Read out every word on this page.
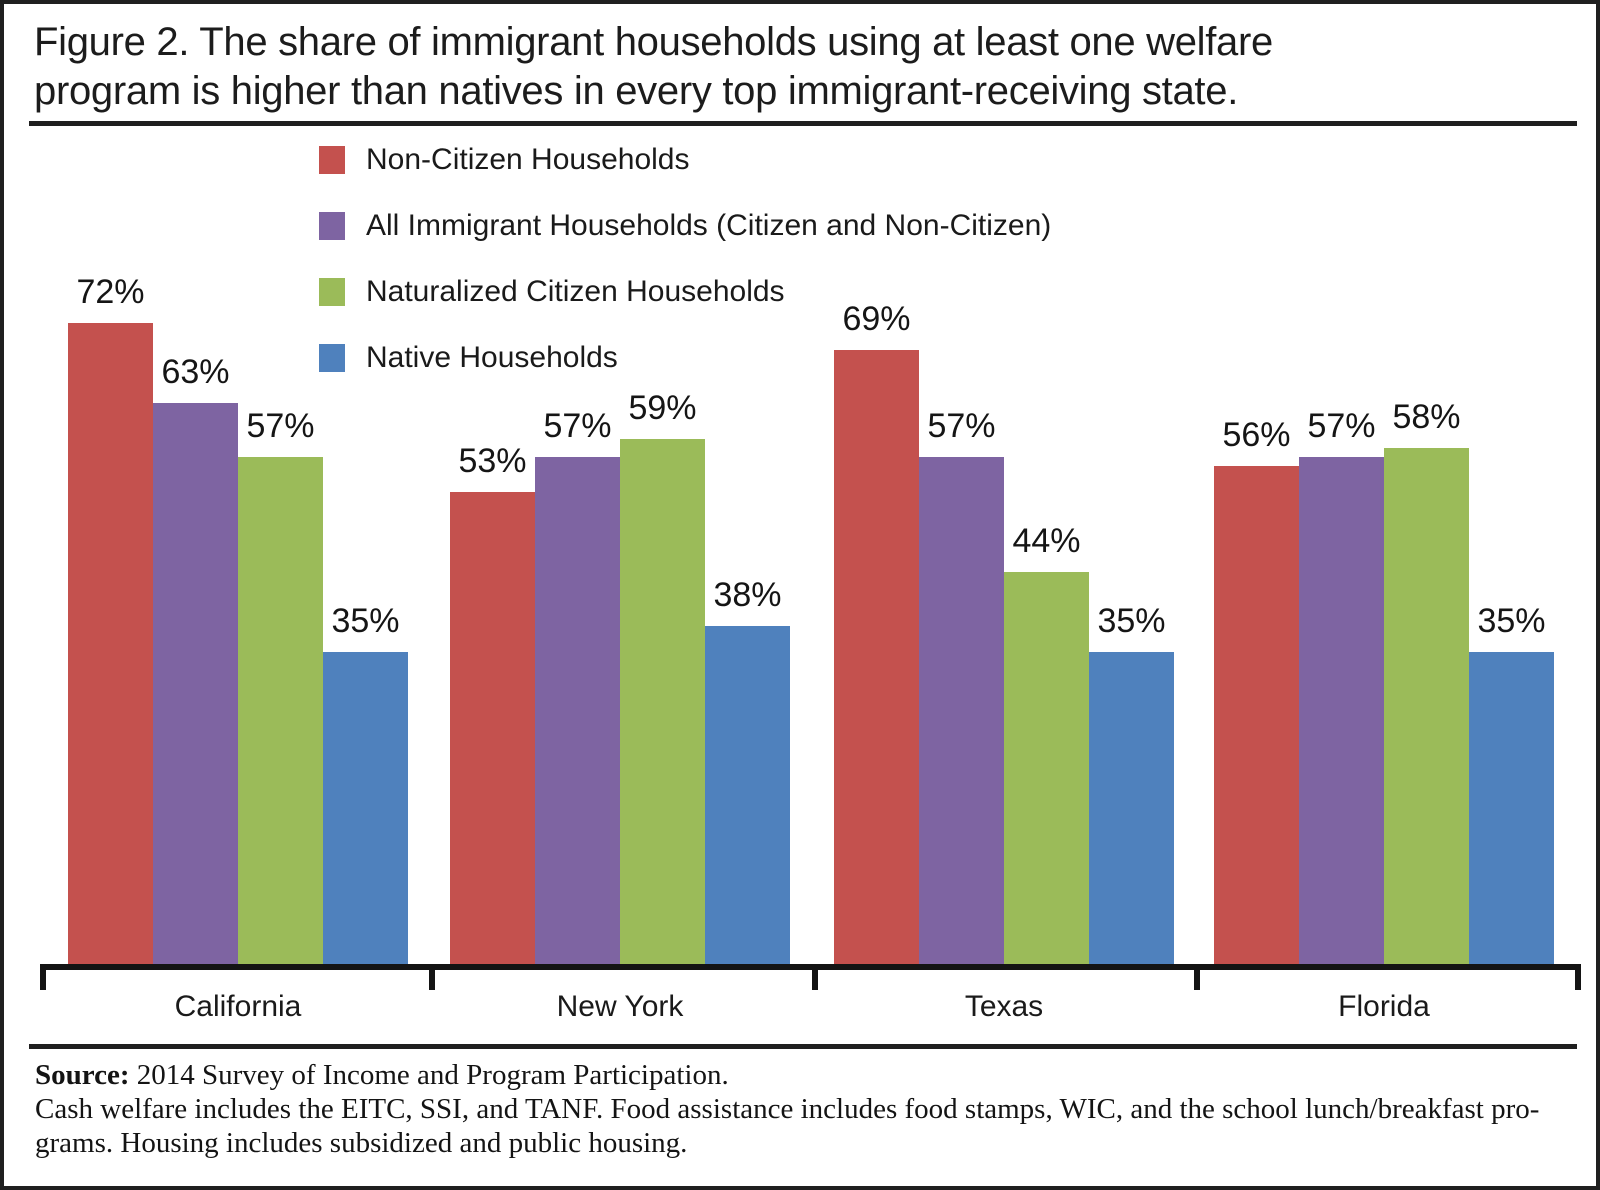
Figure 2. The share of immigrant households using at least one welfare
program is higher than natives in every top immigrant-receiving state.
72%
53%
69%
56%
63%
57%	57%	57%
57%	59%
44%
58%
35%
38%
35%	35%
California	New York	Texas	Florida
Non-Citizen Households
All Immigrant Households (Citizen and Non-Citizen)
Naturalized Citizen Households
Native Households
Source: 2014 Survey of Income and Program Participation.
Cash welfare includes the EITC, SSI, and TANF. Food assistance includes food stamps, WIC, and the school lunch/breakfast pro-
grams. Housing includes subsidized and public housing.
